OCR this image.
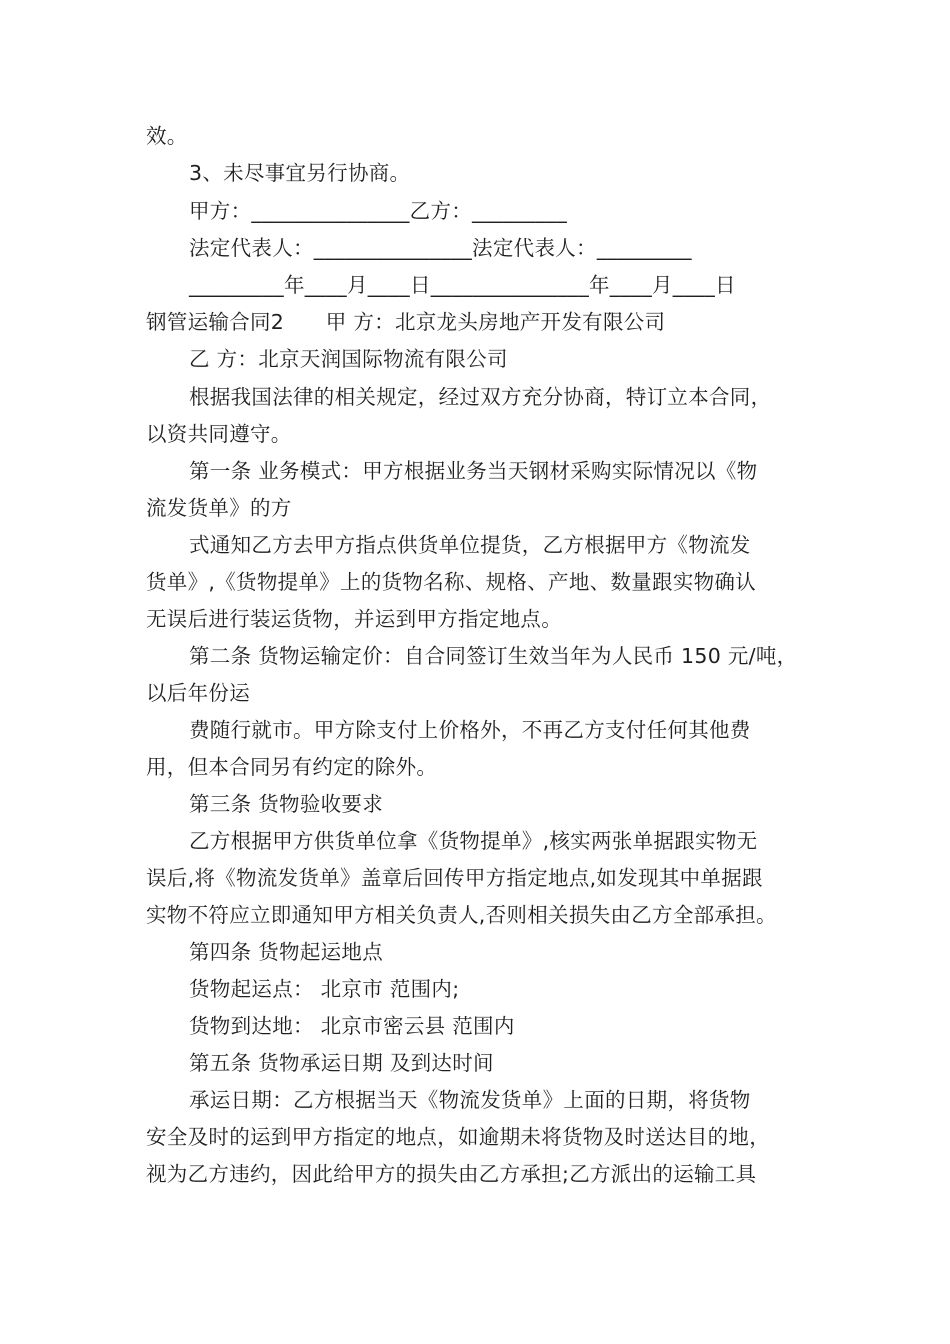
效。
3、未尽事宜另行协商。
甲方：_______________乙方：_________
法定代表人：_______________法定代表人：_________
_________年____月____日_______________年____月____日
钢管运输合同2　　甲 方：北京龙头房地产开发有限公司
乙 方：北京天润国际物流有限公司
根据我国法律的相关规定，经过双方充分协商，特订立本合同，
以资共同遵守。
第一条 业务模式：甲方根据业务当天钢材采购实际情况以《物
流发货单》的方
式通知乙方去甲方指点供货单位提货，乙方根据甲方《物流发
货单》,《货物提单》上的货物名称、规格、产地、数量跟实物确认
无误后进行装运货物，并运到甲方指定地点。
第二条 货物运输定价：自合同签订生效当年为人民币 150 元/吨，
以后年份运
费随行就市。甲方除支付上价格外，不再乙方支付任何其他费
用，但本合同另有约定的除外。
第三条 货物验收要求
乙方根据甲方供货单位拿《货物提单》,核实两张单据跟实物无
误后,将《物流发货单》盖章后回传甲方指定地点,如发现其中单据跟
实物不符应立即通知甲方相关负责人,否则相关损失由乙方全部承担。
第四条 货物起运地点
货物起运点： 北京市 范围内;
货物到达地： 北京市密云县 范围内
第五条 货物承运日期 及到达时间
承运日期：乙方根据当天《物流发货单》上面的日期，将货物
安全及时的运到甲方指定的地点，如逾期未将货物及时送达目的地，
视为乙方违约，因此给甲方的损失由乙方承担;乙方派出的运输工具
